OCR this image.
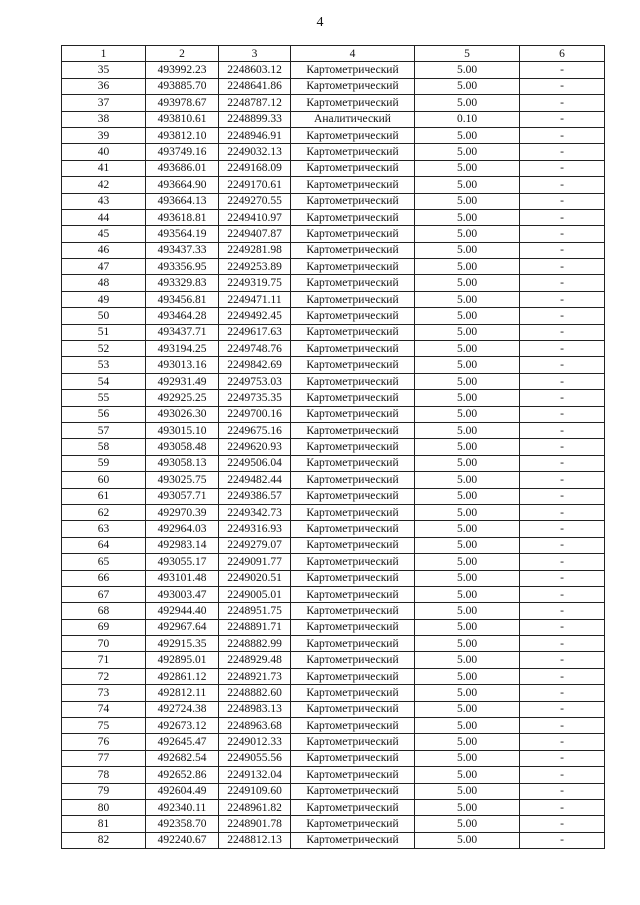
4
1	2	3	4	5	6
35	493992.23	2248603.12	Картометрический	5.00	-
36	493885.70	2248641.86	Картометрический	5.00	-
37	493978.67	2248787.12	Картометрический	5.00	-
38	493810.61	2248899.33	Аналитический	0.10	-
39	493812.10	2248946.91	Картометрический	5.00	-
40	493749.16	2249032.13	Картометрический	5.00	-
41	493686.01	2249168.09	Картометрический	5.00	-
42	493664.90	2249170.61	Картометрический	5.00	-
43	493664.13	2249270.55	Картометрический	5.00	-
44	493618.81	2249410.97	Картометрический	5.00	-
45	493564.19	2249407.87	Картометрический	5.00	-
46	493437.33	2249281.98	Картометрический	5.00	-
47	493356.95	2249253.89	Картометрический	5.00	-
48	493329.83	2249319.75	Картометрический	5.00	-
49	493456.81	2249471.11	Картометрический	5.00	-
50	493464.28	2249492.45	Картометрический	5.00	-
51	493437.71	2249617.63	Картометрический	5.00	-
52	493194.25	2249748.76	Картометрический	5.00	-
53	493013.16	2249842.69	Картометрический	5.00	-
54	492931.49	2249753.03	Картометрический	5.00	-
55	492925.25	2249735.35	Картометрический	5.00	-
56	493026.30	2249700.16	Картометрический	5.00	-
57	493015.10	2249675.16	Картометрический	5.00	-
58	493058.48	2249620.93	Картометрический	5.00	-
59	493058.13	2249506.04	Картометрический	5.00	-
60	493025.75	2249482.44	Картометрический	5.00	-
61	493057.71	2249386.57	Картометрический	5.00	-
62	492970.39	2249342.73	Картометрический	5.00	-
63	492964.03	2249316.93	Картометрический	5.00	-
64	492983.14	2249279.07	Картометрический	5.00	-
65	493055.17	2249091.77	Картометрический	5.00	-
66	493101.48	2249020.51	Картометрический	5.00	-
67	493003.47	2249005.01	Картометрический	5.00	-
68	492944.40	2248951.75	Картометрический	5.00	-
69	492967.64	2248891.71	Картометрический	5.00	-
70	492915.35	2248882.99	Картометрический	5.00	-
71	492895.01	2248929.48	Картометрический	5.00	-
72	492861.12	2248921.73	Картометрический	5.00	-
73	492812.11	2248882.60	Картометрический	5.00	-
74	492724.38	2248983.13	Картометрический	5.00	-
75	492673.12	2248963.68	Картометрический	5.00	-
76	492645.47	2249012.33	Картометрический	5.00	-
77	492682.54	2249055.56	Картометрический	5.00	-
78	492652.86	2249132.04	Картометрический	5.00	-
79	492604.49	2249109.60	Картометрический	5.00	-
80	492340.11	2248961.82	Картометрический	5.00	-
81	492358.70	2248901.78	Картометрический	5.00	-
82	492240.67	2248812.13	Картометрический	5.00	-
